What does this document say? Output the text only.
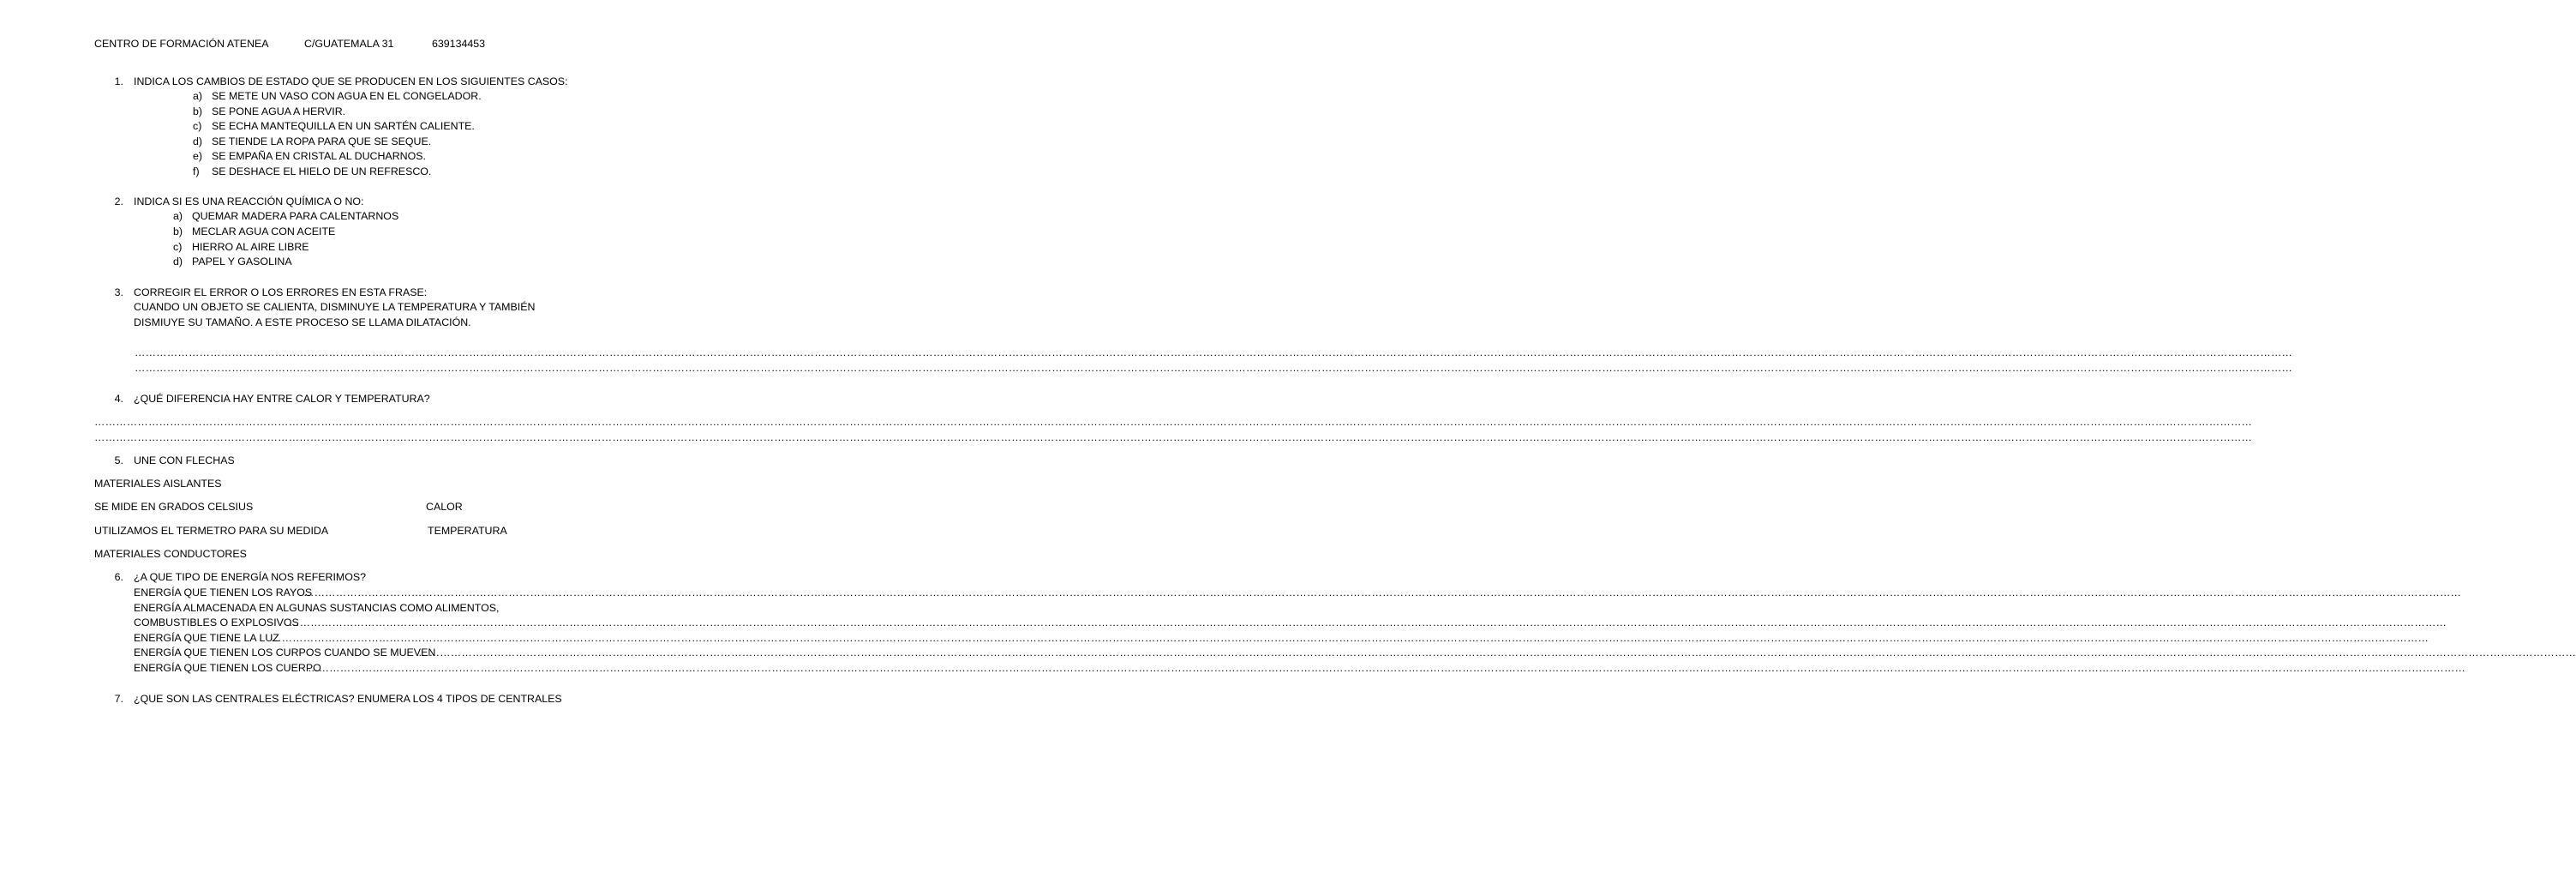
CENTRO DE FORMACIÓN ATENEA	C/GUATEMALA 31	639134453
1. INDICA LOS CAMBIOS DE ESTADO QUE SE PRODUCEN EN LOS SIGUIENTES CASOS:
a) SE METE UN VASO CON AGUA EN EL CONGELADOR.
b) SE PONE AGUA A HERVIR.
c) SE ECHA MANTEQUILLA EN UN SARTÉN CALIENTE.
d) SE TIENDE LA ROPA PARA QUE SE SEQUE.
e) SE EMPAÑA EN CRISTAL AL DUCHARNOS.
f) SE DESHACE EL HIELO DE UN REFRESCO.
2. INDICA SI ES UNA REACCIÓN QUÍMICA O NO:
a) QUEMAR MADERA PARA CALENTARNOS
b) MECLAR AGUA CON ACEITE
c) HIERRO AL AIRE LIBRE
d) PAPEL Y GASOLINA
3. CORREGIR EL ERROR O LOS ERRORES EN ESTA FRASE:
CUANDO UN OBJETO SE CALIENTA, DISMINUYE LA TEMPERATURA Y TAMBIÉN
DISMIUYE SU TAMAÑO. A ESTE PROCESO SE LLAMA DILATACIÓN.
……………………………………………………………………………………………………………………………………………………………………………………………………………………………………………………………………………………………………………………………………………………………………………………………………………………………………………………………………………………………………………………………………………………
……………………………………………………………………………………………………………………………………………………………………………………………………………………………………………………………………………………………………………………………………………………………………………………………………………………………………………………………………………………………………………………………………………………
4. ¿QUÉ DIFERENCIA HAY ENTRE CALOR Y TEMPERATURA?
……………………………………………………………………………………………………………………………………………………………………………………………………………………………………………………………………………………………………………………………………………………………………………………………………………………………………………………………………………………………………………………………………………………
……………………………………………………………………………………………………………………………………………………………………………………………………………………………………………………………………………………………………………………………………………………………………………………………………………………………………………………………………………………………………………………………………………………
5. UNE CON FLECHAS
MATERIALES AISLANTES
SE MIDE EN GRADOS CELSIUS	CALOR
UTILIZAMOS EL TERMETRO PARA SU MEDIDA	TEMPERATURA
MATERIALES CONDUCTORES
6. ¿A QUE TIPO DE ENERGÍA NOS REFERIMOS?
ENERGÍA QUE TIENEN LOS RAYOS
……………………………………………………………………………………………………………………………………………………………………………………………………………………………………………………………………………………………………………………………………………………………………………………………………………………………………………………………………………………………………………………………………………………
ENERGÍA ALMACENADA EN ALGUNAS SUSTANCIAS COMO ALIMENTOS,
COMBUSTIBLES O EXPLOSIVOS
……………………………………………………………………………………………………………………………………………………………………………………………………………………………………………………………………………………………………………………………………………………………………………………………………………………………………………………………………………………………………………………………………………………
ENERGÍA QUE TIENE LA LUZ
……………………………………………………………………………………………………………………………………………………………………………………………………………………………………………………………………………………………………………………………………………………………………………………………………………………………………………………………………………………………………………………………………………………
ENERGÍA QUE TIENEN LOS CURPOS CUANDO SE MUEVEN
……………………………………………………………………………………………………………………………………………………………………………………………………………………………………………………………………………………………………………………………………………………………………………………………………………………………………………………………………………………………………………………………………………………
ENERGÍA QUE TIENEN LOS CUERPO
……………………………………………………………………………………………………………………………………………………………………………………………………………………………………………………………………………………………………………………………………………………………………………………………………………………………………………………………………………………………………………………………………………………
7. ¿QUE SON LAS CENTRALES ELÉCTRICAS? ENUMERA LOS 4 TIPOS DE CENTRALES
